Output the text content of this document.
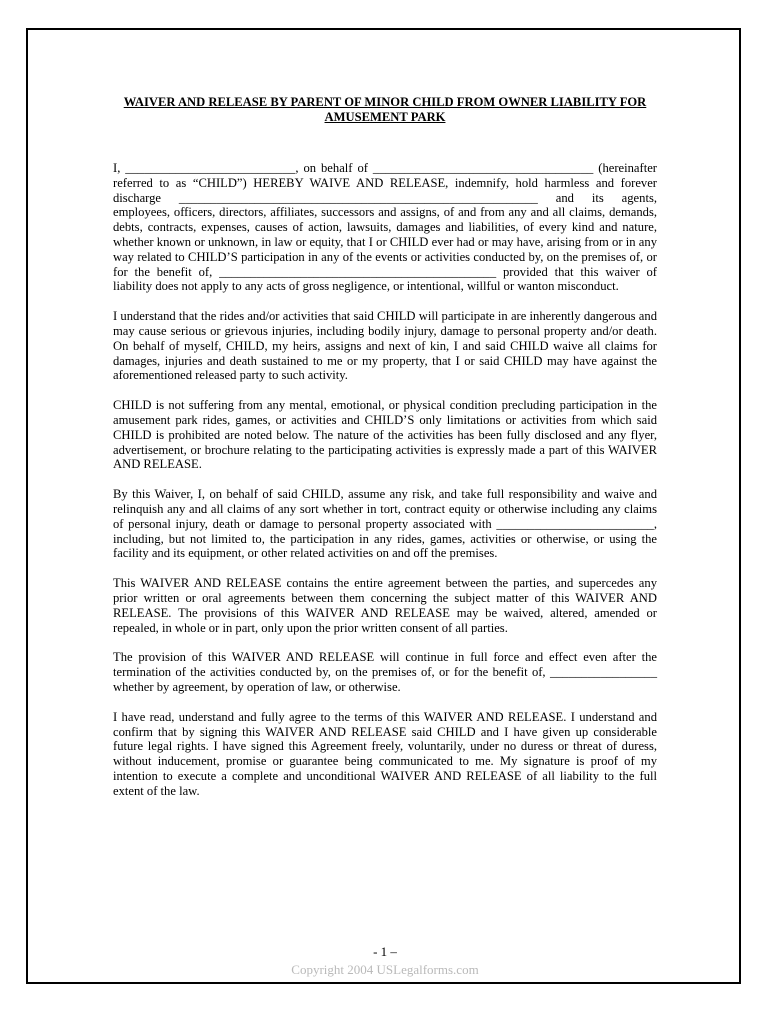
WAIVER AND RELEASE BY PARENT OF MINOR CHILD FROM OWNER LIABILITY FOR AMUSEMENT PARK

I, ___________________________, on behalf of ___________________________________ (hereinafter referred to as “CHILD”) HEREBY WAIVE AND RELEASE, indemnify, hold harmless and forever discharge _________________________________________________________ and its agents, employees, officers, directors, affiliates, successors and assigns, of and from any and all claims, demands, debts, contracts, expenses, causes of action, lawsuits, damages and liabilities, of every kind and nature, whether known or unknown, in law or equity, that I or CHILD ever had or may have, arising from or in any way related to CHILD’S participation in any of the events or activities conducted by, on the premises of, or for the benefit of, ____________________________________________ provided that this waiver of liability does not apply to any acts of gross negligence, or intentional, willful or wanton misconduct.

I understand that the rides and/or activities that said CHILD will participate in are inherently dangerous and may cause serious or grievous injuries, including bodily injury, damage to personal property and/or death. On behalf of myself, CHILD, my heirs, assigns and next of kin, I and said CHILD waive all claims for damages, injuries and death sustained to me or my property, that I or said CHILD may have against the aforementioned released party to such activity.

CHILD is not suffering from any mental, emotional, or physical condition precluding participation in the amusement park rides, games, or activities and CHILD’S only limitations or activities from which said CHILD is prohibited are noted below. The nature of the activities has been fully disclosed and any flyer, advertisement, or brochure relating to the participating activities is expressly made a part of this WAIVER AND RELEASE.

By this Waiver, I, on behalf of said CHILD, assume any risk, and take full responsibility and waive and relinquish any and all claims of any sort whether in tort, contract equity or otherwise including any claims of personal injury, death or damage to personal property associated with _________________________, including, but not limited to, the participation in any rides, games, activities or otherwise, or using the facility and its equipment, or other related activities on and off the premises.

This WAIVER AND RELEASE contains the entire agreement between the parties, and supercedes any prior written or oral agreements between them concerning the subject matter of this WAIVER AND RELEASE. The provisions of this WAIVER AND RELEASE may be waived, altered, amended or repealed, in whole or in part, only upon the prior written consent of all parties.

The provision of this WAIVER AND RELEASE will continue in full force and effect even after the termination of the activities conducted by, on the premises of, or for the benefit of, _________________ whether by agreement, by operation of law, or otherwise.

I have read, understand and fully agree to the terms of this WAIVER AND RELEASE. I understand and confirm that by signing this WAIVER AND RELEASE said CHILD and I have given up considerable future legal rights. I have signed this Agreement freely, voluntarily, under no duress or threat of duress, without inducement, promise or guarantee being communicated to me. My signature is proof of my intention to execute a complete and unconditional WAIVER AND RELEASE of all liability to the full extent of the law.

- 1 –
Copyright 2004 USLegalforms.com
